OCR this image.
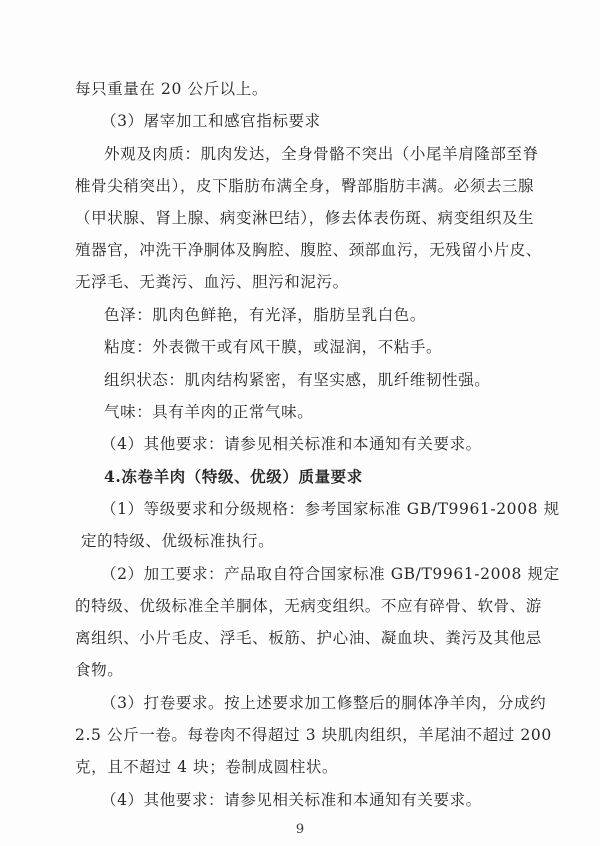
每只重量在 20 公斤以上。
（3）屠宰加工和感官指标要求
外观及肉质：肌肉发达，全身骨骼不突出（小尾羊肩隆部至脊
椎骨尖稍突出），皮下脂肪布满全身，臀部脂肪丰满。必须去三腺
（甲状腺、肾上腺、病变淋巴结），修去体表伤斑、病变组织及生
殖器官，冲洗干净胴体及胸腔、腹腔、颈部血污，无残留小片皮、
无浮毛、无粪污、血污、胆污和泥污。
色泽：肌肉色鲜艳，有光泽，脂肪呈乳白色。
粘度：外表微干或有风干膜，或湿润，不粘手。
组织状态：肌肉结构紧密，有坚实感，肌纤维韧性强。
气味：具有羊肉的正常气味。
（4）其他要求：请参见相关标准和本通知有关要求。
4.冻卷羊肉（特级、优级）质量要求
（1）等级要求和分级规格：参考国家标准 GB/T9961-2008 规
定的特级、优级标准执行。
（2）加工要求：产品取自符合国家标准 GB/T9961-2008 规定
的特级、优级标准全羊胴体，无病变组织。不应有碎骨、软骨、游
离组织、小片毛皮、浮毛、板筋、护心油、凝血块、粪污及其他忌
食物。
（3）打卷要求。按上述要求加工修整后的胴体净羊肉，分成约
2.5 公斤一卷。每卷肉不得超过 3 块肌肉组织，羊尾油不超过 200
克，且不超过 4 块；卷制成圆柱状。
（4）其他要求：请参见相关标准和本通知有关要求。
9
